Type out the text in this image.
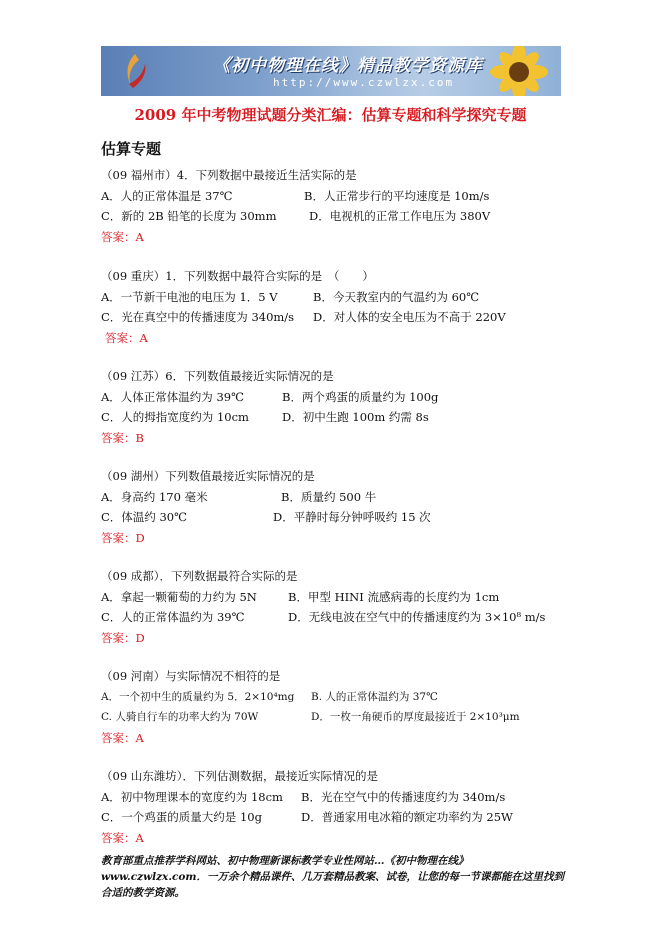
《初中物理在线》精品教学资源库
http://www.czwlzx.com
2009 年中考物理试题分类汇编：估算专题和科学探究专题
估算专题
（09 福州市）4．下列数据中最接近生活实际的是
A．人的正常体温是 37℃	B．人正常步行的平均速度是 10m/s
C．新的 2B 铅笔的长度为 30mm	D．电视机的正常工作电压为 380V
答案：A
（09 重庆）1．下列数据中最符合实际的是　（　　）
A．一节新干电池的电压为 1．5 V	B．今天教室内的气温约为 60℃
C．光在真空中的传播速度为 340m/s D．对人体的安全电压为不高于 220V
答案：A
（09 江苏）6．下列数值最接近实际情况的是
A．人体正常体温约为 39℃	B．两个鸡蛋的质量约为 100g
C．人的拇指宽度约为 10cm	D．初中生跑 100m 约需 8s
答案：B
（09 湖州）下列数值最接近实际情况的是
A．身高约 170 毫米	B．质量约 500 牛
C．体温约 30℃	D．平静时每分钟呼吸约 15 次
答案：D
（09 成都）．下列数据最符合实际的是
A．拿起一颗葡萄的力约为 5N	B．甲型 HINI 流感病毒的长度约为 1cm
C．人的正常体温约为 39℃	D．无线电波在空气中的传播速度约为 3×10⁸ m/s
答案：D
（09 河南）与实际情况不相符的是
A．一个初中生的质量约为 5．2×10⁴mg B. 人的正常体温约为 37℃
C. 人骑自行车的功率大约为 70W	D．一枚一角硬币的厚度最接近于 2×10³μm
答案：A
（09 山东潍坊）．下列估测数据，最接近实际情况的是
A．初中物理课本的宽度约为 18cm B．光在空气中的传播速度约为 340m/s
C．一个鸡蛋的质量大约是 10g	D．普通家用电冰箱的额定功率约为 25W
答案：A
教育部重点推荐学科网站、初中物理新课标教学专业性网站…《初中物理在线》www.czwlzx.com．一万余个精品课件、几万套精品教案、试卷，让您的每一节课都能在这里找到合适的教学资源。
